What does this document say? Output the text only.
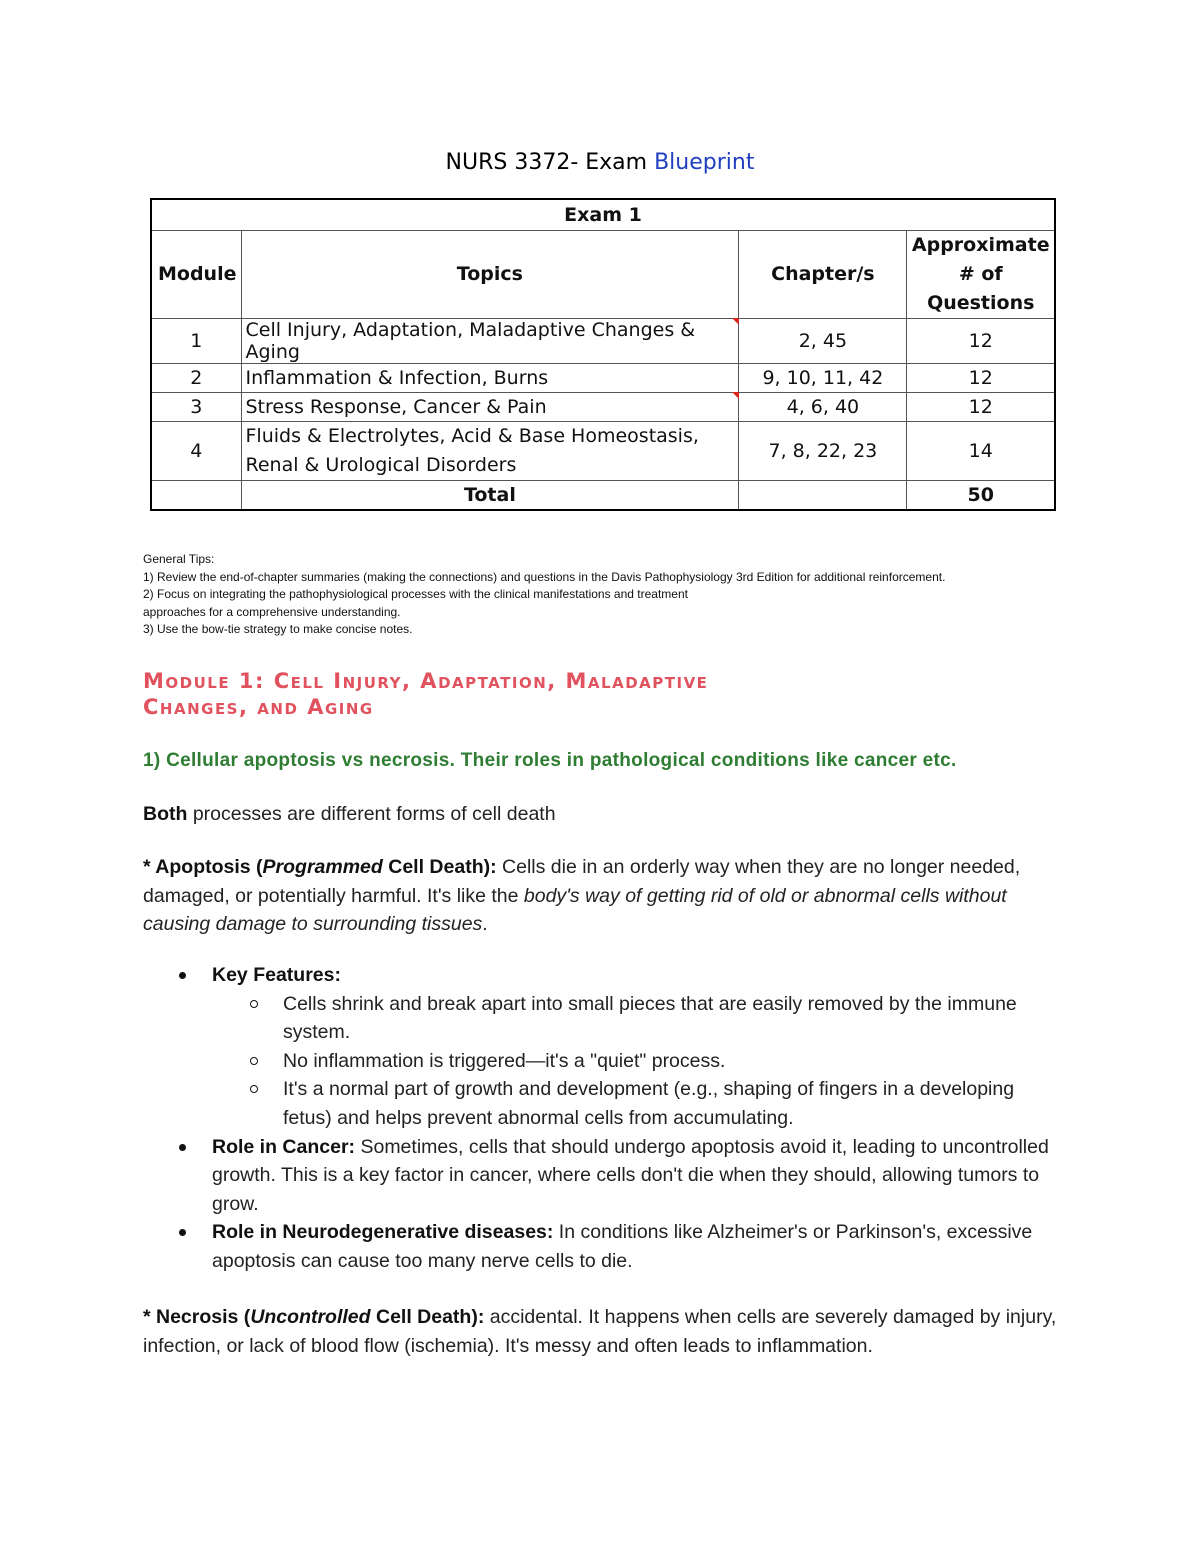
NURS 3372- Exam Blueprint
Exam 1			
Module	Topics	Chapter/s	Approximate
# of
Questions
1	Cell Injury, Adaptation, Maladaptive Changes & Aging	2, 45	12
2	Inflammation & Infection, Burns	9, 10, 11, 42	12
3	Stress Response, Cancer & Pain	4, 6, 40	12
4	Fluids & Electrolytes, Acid & Base Homeostasis,
Renal & Urological Disorders	7, 8, 22, 23	14
	Total		50
General Tips:
1) Review the end-of-chapter summaries (making the connections) and questions in the Davis Pathophysiology 3rd Edition for additional reinforcement.
2) Focus on integrating the pathophysiological processes with the clinical manifestations and treatment
approaches for a comprehensive understanding.
3) Use the bow-tie strategy to make concise notes.
Module 1: Cell Injury, Adaptation, Maladaptive
Changes, and Aging
1) Cellular apoptosis vs necrosis. Their roles in pathological conditions like cancer etc.
Both processes are different forms of cell death
* Apoptosis (Programmed Cell Death): Cells die in an orderly way when they are no longer needed, damaged, or potentially harmful. It's like the body's way of getting rid of old or abnormal cells without causing damage to surrounding tissues.
Key Features:
Cells shrink and break apart into small pieces that are easily removed by the immune system.
No inflammation is triggered—it's a "quiet" process.
It's a normal part of growth and development (e.g., shaping of fingers in a developing fetus) and helps prevent abnormal cells from accumulating.
Role in Cancer: Sometimes, cells that should undergo apoptosis avoid it, leading to uncontrolled growth. This is a key factor in cancer, where cells don't die when they should, allowing tumors to grow.
Role in Neurodegenerative diseases: In conditions like Alzheimer's or Parkinson's, excessive apoptosis can cause too many nerve cells to die.
* Necrosis (Uncontrolled Cell Death): accidental. It happens when cells are severely damaged by injury, infection, or lack of blood flow (ischemia). It's messy and often leads to inflammation.
